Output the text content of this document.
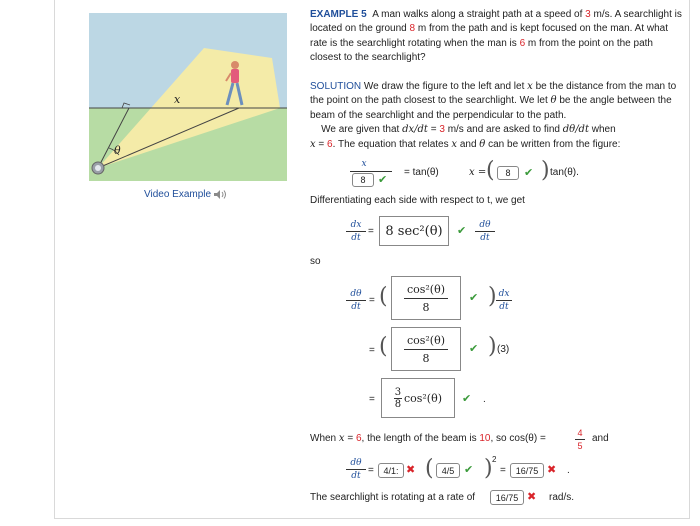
x
θ
Video Example
EXAMPLE 5 A man walks along a straight path at a speed of 3 m/s. A searchlight is located on the ground 8 m from the path and is kept focused on the man. At what rate is the searchlight rotating when the man is 6 m from the point on the path closest to the searchlight?
SOLUTION We draw the figure to the left and let x be the distance from the man to the point on the path closest to the searchlight. We let θ be the angle between the beam of the searchlight and the perpendicular to the path.
We are given that dx/dt = 3 m/s and are asked to find dθ/dt when
x = 6. The equation that relates x and θ can be written from the figure:
x
8	✔
= tan(θ)	x = (	8	✔ ) tan(θ).
Differentiating each side with respect to t, we get
dx
dt
= 8 sec²(θ)	✔	dθ
dt
so
dθ
dt
= ( cos²(θ)
8
✔ ) dx
dt
= ( cos²(θ)
8
✔ ) (3)
=
3
8 cos²(θ) ✔ .
When x = 6, the length of the beam is 10, so cos(θ) =	4
5
and
dθ
dt =	4/1: ✖ ( 4/5 ✔ ) 2
=	16/75 ✖ .
The searchlight is rotating at a rate of	16/75 ✖ rad/s.
